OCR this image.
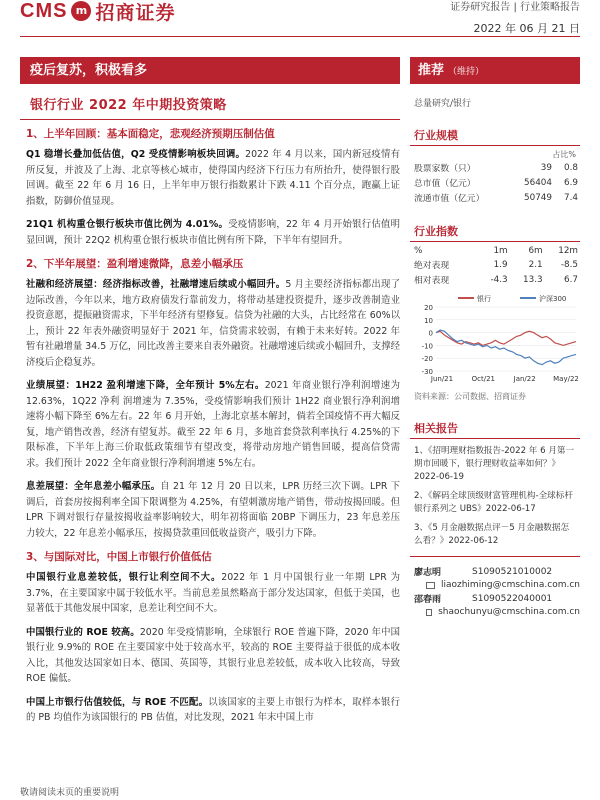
CMS m 招商证券	证券研究报告 | 行业策略报告
2022 年 06 月 21 日
疫后复苏，积极看多	推荐 （维持）
银行行业 2022 年中期投资策略
1、上半年回顾：基本面稳定，悲观经济预期压制估值

Q1 稳增长叠加低估值，Q2 受疫情影响板块回调。2022 年 4 月以来，国内新冠疫情有所反复，并波及了上海、北京等核心城市，使得国内经济下行压力有所抬升，使得银行股回调。截至 22 年 6 月 16 日，上半年申万银行指数累计下跌 4.11 个百分点，跑赢上证指数，防御价值显现。

21Q1 机构重仓银行板块市值比例为 4.01%。受疫情影响，22 年 4 月开始银行估值明显回调，预计 22Q2 机构重仓银行板块市值比例有所下降，下半年有望回升。

2、下半年展望：盈利增速微降，息差小幅承压

社融和经济展望：经济指标改善，社融增速后续或小幅回升。5 月主要经济指标都出现了边际改善，今年以来，地方政府债发行靠前发力，将带动基建投资提升，逐步改善制造业投资意愿，提振融资需求，下半年经济有望修复。信贷为社融的大头，占比经常在 60%以上，预计 22 年表外融资明显好于 2021 年，信贷需求较弱，有赖于未来好转。2022 年暂有社融增量 34.5 万亿，同比改善主要来自表外融资。社融增速后续或小幅回升，支撑经济疫后企稳复苏。

业绩展望：1H22 盈利增速下降，全年预计 5%左右。2021 年商业银行净利润增速为 12.63%，1Q22 净利 润增速为 7.35%，受疫情影响我们预计 1H22 商业银行净利润增速将小幅下降至 6%左右。22 年 6 月开始，上海北京基本解封，倘若全国疫情不再大幅反复，地产销售改善，经济有望复苏。截至 22 年 6 月，多地首套贷款利率执行 4.25%的下限标准，下半年上海三价取低政策细节有望改变，将带动房地产销售回暖，提高信贷需求。我们预计 2022 全年商业银行净利润增速 5%左右。

息差展望：全年息差小幅承压。自 21 年 12 月 20 日以来，LPR 历经三次下调。LPR 下调后，首套房按揭利率全国下限调整为 4.25%，有望刺激房地产销售，带动按揭回暖。但 LPR 下调对银行存量按揭收益率影响较大，明年初将面临 20BP 下调压力，23 年息差压力较大，22 年息差小幅承压，按揭贷款重回低收益资产，吸引力下降。

3、与国际对比，中国上市银行价值低估

中国银行业息差较低，银行让利空间不大。2022 年 1 月中国银行业一年期 LPR 为 3.7%，在主要国家中属于较低水平。当前息差虽然略高于部分发达国家，但低于美国，也显著低于其他发展中国家，息差让利空间不大。

中国银行业的 ROE 较高。2020 年受疫情影响，全球银行 ROE 普遍下降，2020 年中国银行业 9.9%的 ROE 在主要国家中处于较高水平，较高的 ROE 主要得益于很低的成本收入比，其他发达国家如日本、德国、英国等，其银行业息差较低，成本收入比较高，导致 ROE 偏低。

中国上市银行估值较低，与 ROE 不匹配。以该国家的主要上市银行为样本，取样本银行的 PB 均值作为该国银行的 PB 估值，对比发现，2021 年末中国上市

总量研究/银行
行业规模
占比%
股票家数（只）	39	0.8
总市值（亿元）	56404	6.9
流通市值（亿元）	50749	7.4
行业指数
%	1m	6m	12m
绝对表现	1.9	2.1	-8.5
相对表现	-4.3	13.3	6.7
20
10
0
-10
-20
-30
Jun/21	Oct/21	Jan/22 May/22
银行	沪深300
资料来源：公司数据、招商证券
相关报告
1、《招明理财指数报告-2022 年 6 月第一期市回暖下，银行理财收益率如何？》2022-06-19
2、《解码全球顶级财富管理机构-全球标杆银行系列之 UBS》2022-06-17
3、《5 月金融数据点评－5 月金融数据怎么看？》2022-06-12
廖志明	S1090521010002
liaozhiming@cmschina.com.cn
邵春雨	S1090522040001
shaochunyu@cmschina.com.cn
敬请阅读末页的重要说明
